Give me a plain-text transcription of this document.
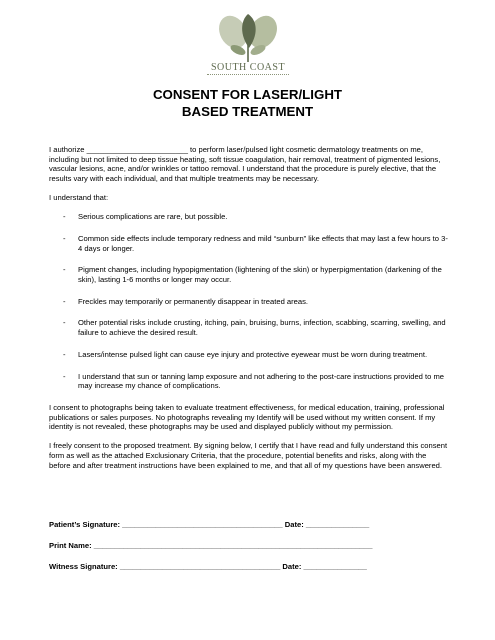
SOUTH COAST
CONSENT FOR LASER/LIGHT
BASED TREATMENT

I authorize ________________________ to perform laser/pulsed light cosmetic dermatology treatments on me, including but not limited to deep tissue heating, soft tissue coagulation, hair removal, treatment of pigmented lesions, vascular lesions, acne, and/or wrinkles or tattoo removal. I understand that the procedure is purely elective, that the results vary with each individual, and that multiple treatments may be necessary.

I understand that:

-	Serious complications are rare, but possible.
-	Common side effects include temporary redness and mild “sunburn” like effects that may last a few hours to 3-4 days or longer.
-	Pigment changes, including hypopigmentation (lightening of the skin) or hyperpigmentation (darkening of the skin), lasting 1-6 months or longer may occur.
-	Freckles may temporarily or permanently disappear in treated areas.
-	Other potential risks include crusting, itching, pain, bruising, burns, infection, scabbing, scarring, swelling, and failure to achieve the desired result.
-	Lasers/intense pulsed light can cause eye injury and protective eyewear must be worn during treatment.
-	I understand that sun or tanning lamp exposure and not adhering to the post-care instructions provided to me may increase my chance of complications.

I consent to photographs being taken to evaluate treatment effectiveness, for medical education, training, professional publications or sales purposes. No photographs revealing my Identify will be used without my written consent. If my identity is not revealed, these photographs may be used and displayed publicly without my permission.

I freely consent to the proposed treatment. By signing below, I certify that I have read and fully understand this consent form as well as the attached Exclusionary Criteria, that the procedure, potential benefits and risks, along with the before and after treatment instructions have been explained to me, and that all of my questions have been answered.

Patient’s Signature: ______________________________________ Date: _______________
Print Name: __________________________________________________________________
Witness Signature: ______________________________________ Date: _______________
